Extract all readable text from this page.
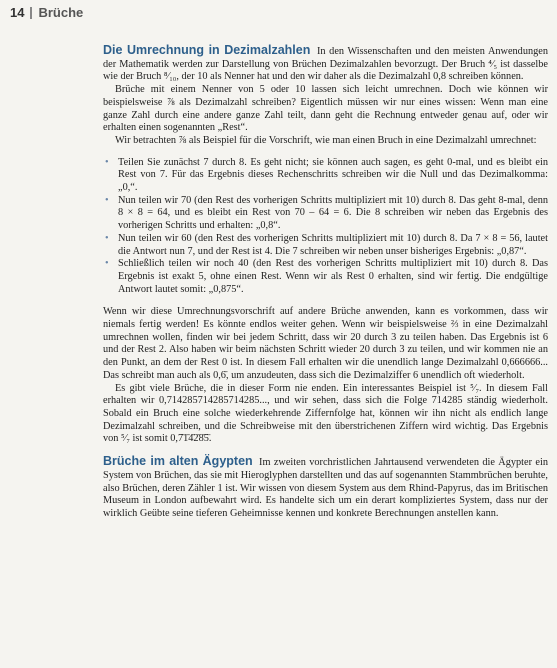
14 Brüche

Die Umrechnung in Dezimalzahlen In den Wissenschaften und den meisten Anwendungen der Mathematik werden zur Darstellung von Brüchen Dezimalzahlen bevorzugt. Der Bruch ⁴⁄₅ ist dasselbe wie der Bruch ⁸⁄₁₀, der 10 als Nenner hat und den wir daher als die Dezimalzahl 0,8 schreiben können.

Brüche mit einem Nenner von 5 oder 10 lassen sich leicht umrechnen. Doch wie können wir beispielsweise ⅞ als Dezimalzahl schreiben? Eigentlich müssen wir nur eines wissen: Wenn man eine ganze Zahl durch eine andere ganze Zahl teilt, dann geht die Rechnung entweder genau auf, oder wir erhalten einen sogenannten „Rest“.

Wir betrachten ⅞ als Beispiel für die Vorschrift, wie man einen Bruch in eine Dezimalzahl umrechnet:

• Teilen Sie zunächst 7 durch 8. Es geht nicht; sie können auch sagen, es geht 0-mal, und es bleibt ein Rest von 7. Für das Ergebnis dieses Rechenschritts schreiben wir die Null und das Dezimalkomma: „0,“.
• Nun teilen wir 70 (den Rest des vorherigen Schritts multipliziert mit 10) durch 8. Das geht 8-mal, denn 8 × 8 = 64, und es bleibt ein Rest von 70 – 64 = 6. Die 8 schreiben wir neben das Ergebnis des vorherigen Schritts und erhalten: „0,8“.
• Nun teilen wir 60 (den Rest des vorherigen Schritts multipliziert mit 10) durch 8. Da 7 × 8 = 56, lautet die Antwort nun 7, und der Rest ist 4. Die 7 schreiben wir neben unser bisheriges Ergebnis: „0,87“.
• Schließlich teilen wir noch 40 (den Rest des vorherigen Schritts multipliziert mit 10) durch 8. Das Ergebnis ist exakt 5, ohne einen Rest. Wenn wir als Rest 0 erhalten, sind wir fertig. Die endgültige Antwort lautet somit: „0,875“.

Wenn wir diese Umrechnungsvorschrift auf andere Brüche anwenden, kann es vorkommen, dass wir niemals fertig werden! Es könnte endlos weiter gehen. Wenn wir beispielsweise ⅔ in eine Dezimalzahl umrechnen wollen, finden wir bei jedem Schritt, dass wir 20 durch 3 zu teilen haben. Das Ergebnis ist 6 und der Rest 2. Also haben wir beim nächsten Schritt wieder 20 durch 3 zu teilen, und wir kommen nie an den Punkt, an dem der Rest 0 ist. In diesem Fall erhalten wir die unendlich lange Dezimalzahl 0,666666... Das schreibt man auch als 0,6̄, um anzudeuten, dass sich die Dezimalziffer 6 unendlich oft wiederholt.

Es gibt viele Brüche, die in dieser Form nie enden. Ein interessantes Beispiel ist ⁵⁄₇. In diesem Fall erhalten wir 0,714285714285714285..., und wir sehen, dass sich die Folge 714285 ständig wiederholt. Sobald ein Bruch eine solche wiederkehrende Ziffernfolge hat, können wir ihn nicht als endlich lange Dezimalzahl schreiben, und die Schreibweise mit den überstrichenen Ziffern wird wichtig. Das Ergebnis von ⁵⁄₇ ist somit 0,7̄1̄4̄2̄8̄5̄.

Brüche im alten Ägypten Im zweiten vorchristlichen Jahrtausend verwendeten die Ägypter ein System von Brüchen, das sie mit Hieroglyphen darstellten und das auf sogenannten Stammbrüchen beruhte, also Brüchen, deren Zähler 1 ist. Wir wissen von diesem System aus dem Rhind-Papyrus, das im Britischen Museum in London aufbewahrt wird. Es handelte sich um ein derart kompliziertes System, dass nur der wirklich Geübte seine tieferen Geheimnisse kennen und konkrete Berechnungen anstellen kann.
